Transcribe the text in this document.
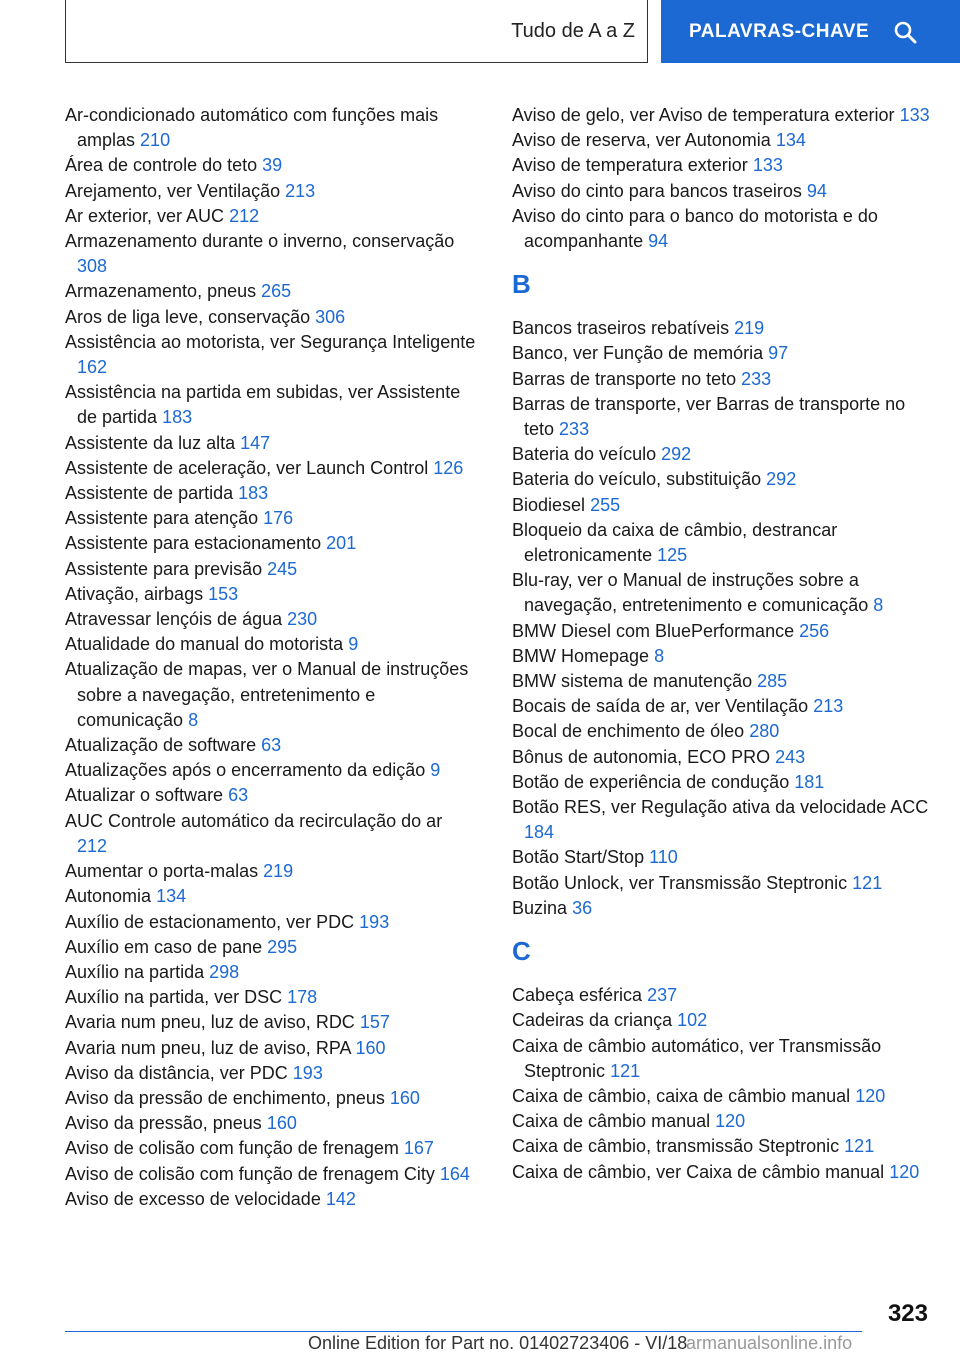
Tudo de A a Z	PALAVRAS-CHAVE

Ar-condicionado automático com funções mais amplas 210

Área de controle do teto 39

Arejamento, ver Ventilação 213

Ar exterior, ver AUC 212

Armazenamento durante o inverno, conservação 308

Armazenamento, pneus 265

Aros de liga leve, conservação 306

Assistência ao motorista, ver Segurança Inteligente 162

Assistência na partida em subidas, ver Assistente de partida 183

Assistente da luz alta 147

Assistente de aceleração, ver Launch Control 126

Assistente de partida 183

Assistente para atenção 176

Assistente para estacionamento 201

Assistente para previsão 245

Ativação, airbags 153

Atravessar lençóis de água 230

Atualidade do manual do motorista 9

Atualização de mapas, ver o Manual de instruções sobre a navegação, entretenimento e comunicação 8

Atualização de software 63

Atualizações após o encerramento da edição 9

Atualizar o software 63

AUC Controle automático da recirculação do ar 212

Aumentar o porta-malas 219

Autonomia 134

Auxílio de estacionamento, ver PDC 193

Auxílio em caso de pane 295

Auxílio na partida 298

Auxílio na partida, ver DSC 178

Avaria num pneu, luz de aviso, RDC 157

Avaria num pneu, luz de aviso, RPA 160

Aviso da distância, ver PDC 193

Aviso da pressão de enchimento, pneus 160

Aviso da pressão, pneus 160

Aviso de colisão com função de frenagem 167

Aviso de colisão com função de frenagem City 164

Aviso de excesso de velocidade 142

Aviso de gelo, ver Aviso de temperatura exterior 133

Aviso de reserva, ver Autonomia 134

Aviso de temperatura exterior 133

Aviso do cinto para bancos traseiros 94

Aviso do cinto para o banco do motorista e do acompanhante 94

B

Bancos traseiros rebatíveis 219

Banco, ver Função de memória 97

Barras de transporte no teto 233

Barras de transporte, ver Barras de transporte no teto 233

Bateria do veículo 292

Bateria do veículo, substituição 292

Biodiesel 255

Bloqueio da caixa de câmbio, destrancar eletronicamente 125

Blu-ray, ver o Manual de instruções sobre a navegação, entretenimento e comunicação 8

BMW Diesel com BluePerformance 256

BMW Homepage 8

BMW sistema de manutenção 285

Bocais de saída de ar, ver Ventilação 213

Bocal de enchimento de óleo 280

Bônus de autonomia, ECO PRO 243

Botão de experiência de condução 181

Botão RES, ver Regulação ativa da velocidade ACC 184

Botão Start/Stop 110

Botão Unlock, ver Transmissão Steptronic 121

Buzina 36

C

Cabeça esférica 237

Cadeiras da criança 102

Caixa de câmbio automático, ver Transmissão Steptronic 121

Caixa de câmbio, caixa de câmbio manual 120

Caixa de câmbio manual 120

Caixa de câmbio, transmissão Steptronic 121

Caixa de câmbio, ver Caixa de câmbio manual 120

323
Online Edition for Part no. 01402723406 - VI/18
armanualsonline.info
